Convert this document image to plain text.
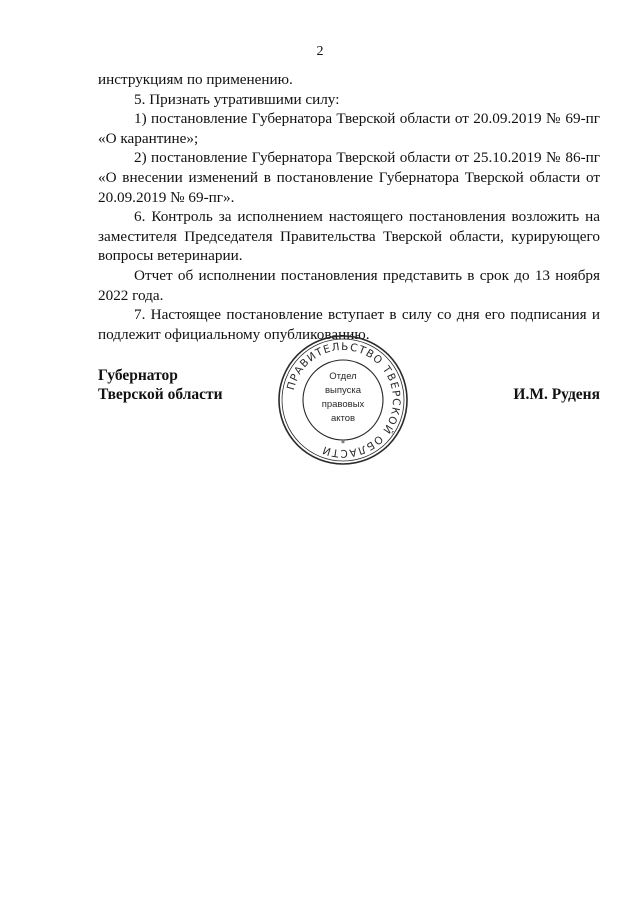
2

инструкциям по применению.

5. Признать утратившими силу:

1) постановление Губернатора Тверской области от 20.09.2019 № 69-пг «О карантине»;

2) постановление Губернатора Тверской области от 25.10.2019 № 86-пг «О внесении изменений в постановление Губернатора Тверской области от 20.09.2019 № 69-пг».

6. Контроль за исполнением настоящего постановления возложить на заместителя Председателя Правительства Тверской области, курирующего вопросы ветеринарии.

Отчет об исполнении постановления представить в срок до 13 ноября 2022 года.

7. Настоящее постановление вступает в силу со дня его подписания и подлежит официальному опубликованию.

Губернатор
Тверской области
ПРАВИТЕЛЬСТВО ТВЕРСКОЙ ОБЛАСТИ
Отдел
выпуска
правовых
актов
*
И.М. Руденя
